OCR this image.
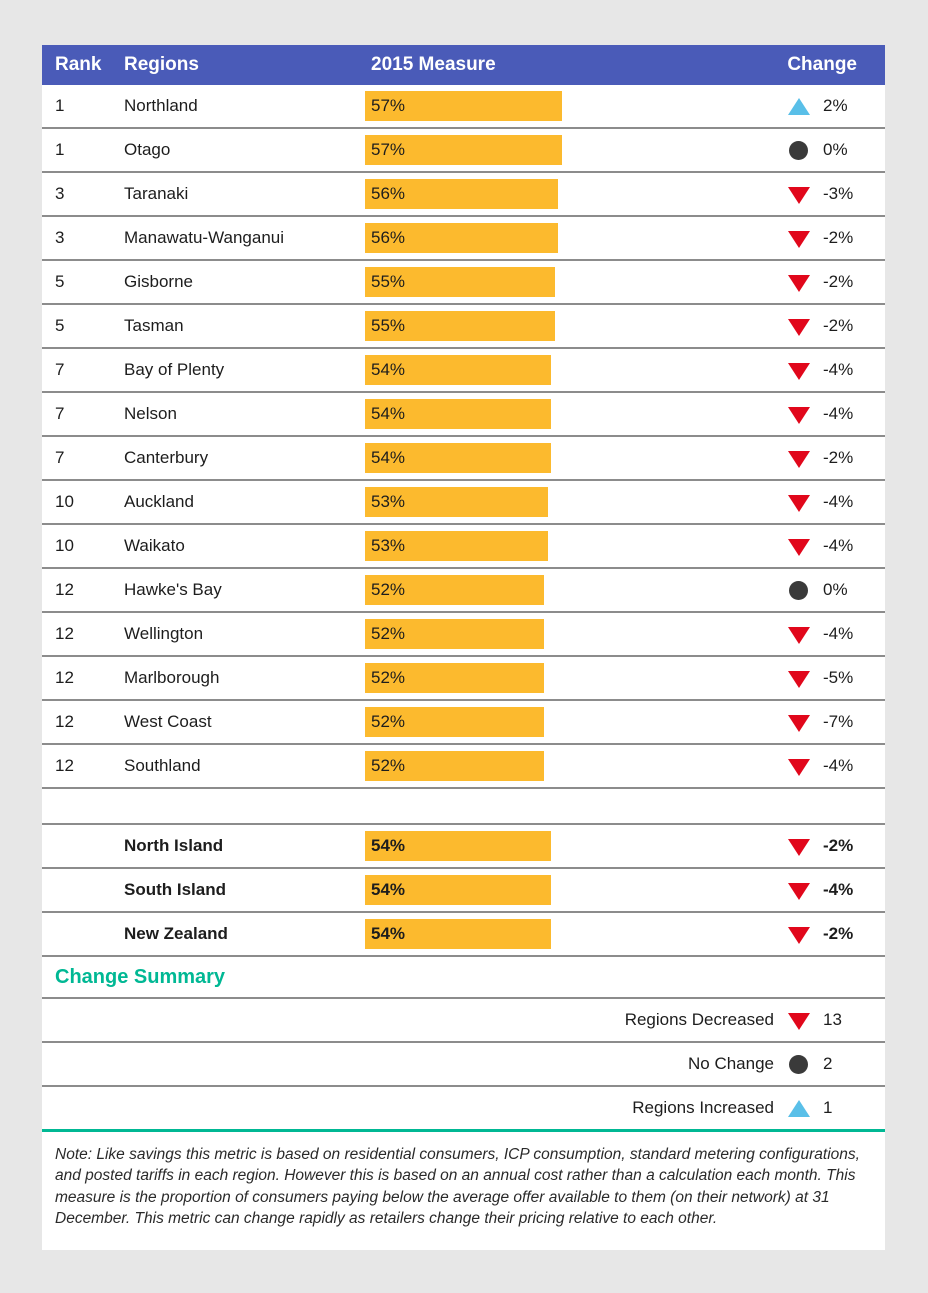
Rank	Regions	2015 Measure	Change
1	Northland	57%	2%
1	Otago	57%	0%
3	Taranaki	56%	-3%
3	Manawatu-Wanganui	56%	-2%
5	Gisborne	55%	-2%
5	Tasman	55%	-2%
7	Bay of Plenty	54%	-4%
7	Nelson	54%	-4%
7	Canterbury	54%	-2%
10	Auckland	53%	-4%
10	Waikato	53%	-4%
12	Hawke's Bay	52%	0%
12	Wellington	52%	-4%
12	Marlborough	52%	-5%
12	West Coast	52%	-7%
12	Southland	52%	-4%
North Island	54%	-2%
South Island	54%	-4%
New Zealand	54%	-2%
Change Summary
Regions Decreased	13
No Change	2
Regions Increased	1
Note: Like savings this metric is based on residential consumers, ICP consumption, standard metering configurations, and posted tariffs in each region. However this is based on an annual cost rather than a calculation each month. This measure is the proportion of consumers paying below the average offer available to them (on their network) at 31 December. This metric can change rapidly as retailers change their pricing relative to each other.
